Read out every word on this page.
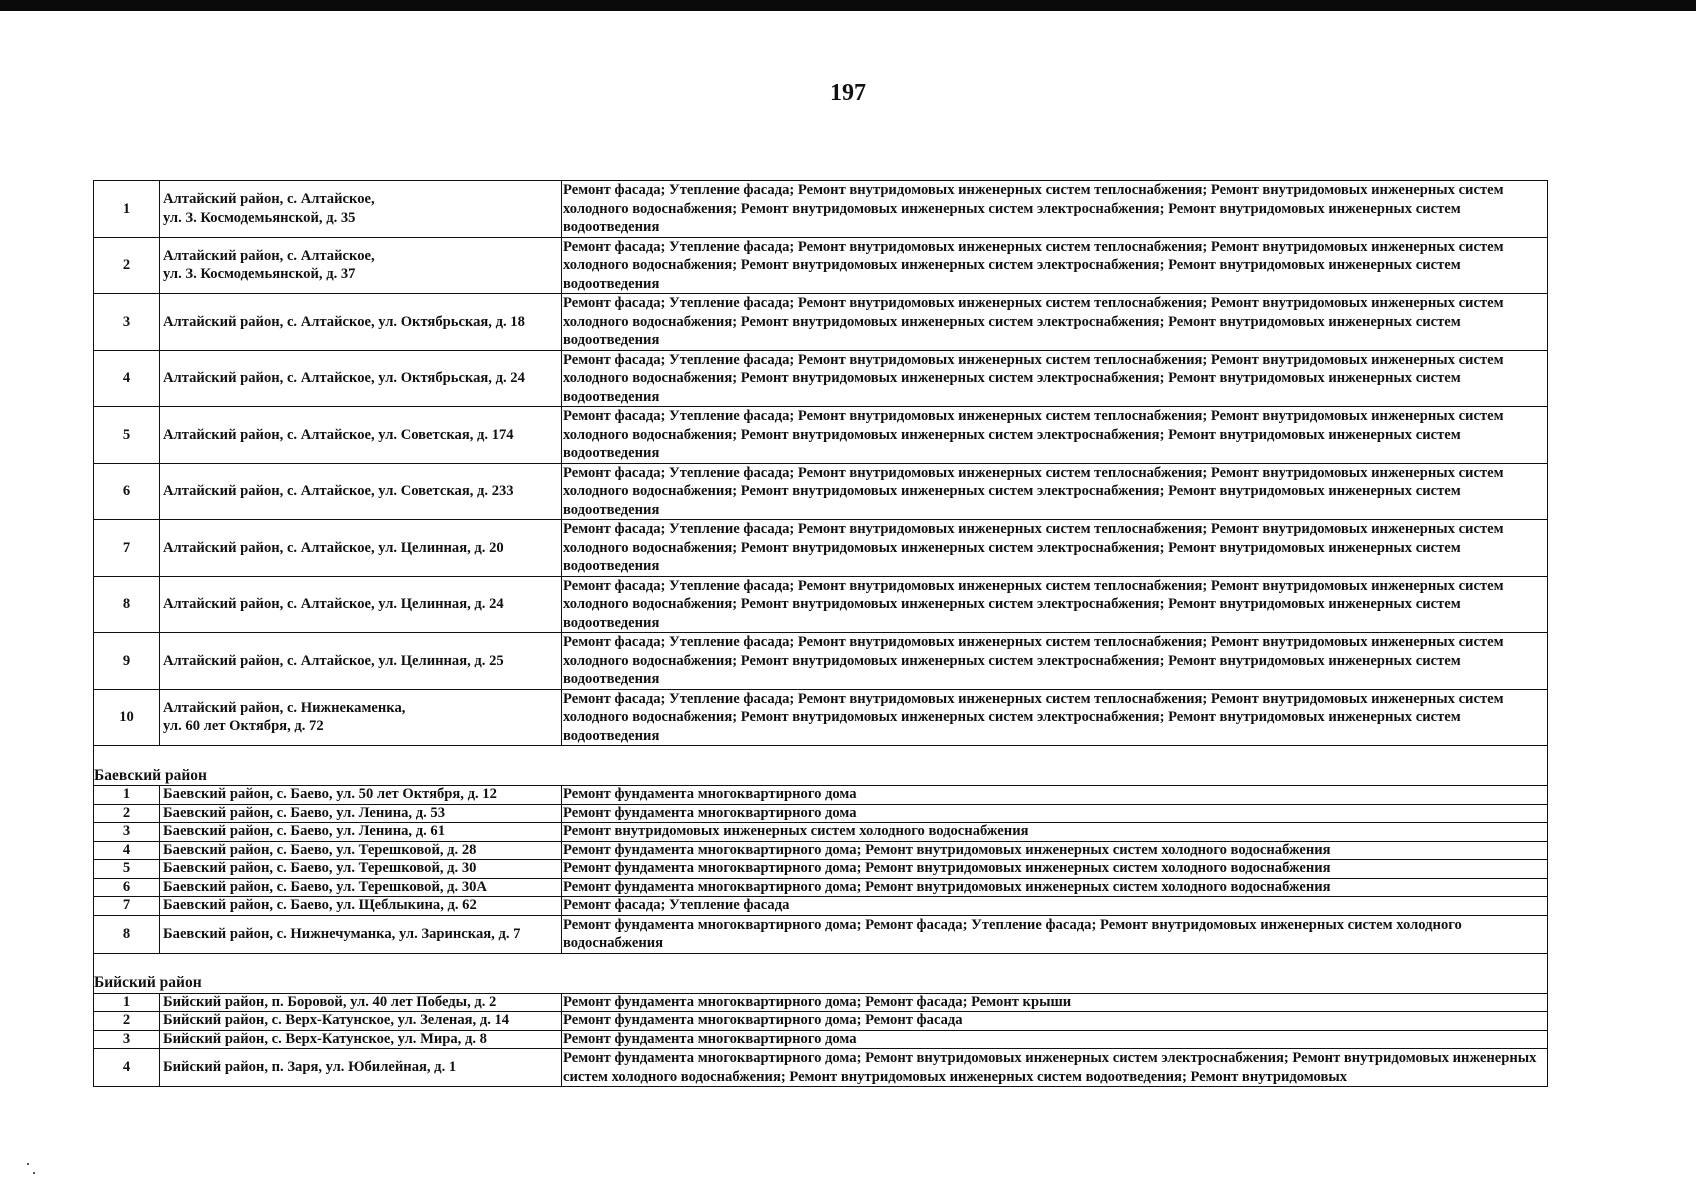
197
1	Алтайский район, с. Алтайское,
ул. З. Космодемьянской, д. 35	Ремонт фасада; Утепление фасада; Ремонт внутридомовых инженерных систем теплоснабжения; Ремонт внутридомовых инженерных систем холодного водоснабжения; Ремонт внутридомовых инженерных систем электроснабжения; Ремонт внутридомовых инженерных систем водоотведения
2	Алтайский район, с. Алтайское,
ул. З. Космодемьянской, д. 37	Ремонт фасада; Утепление фасада; Ремонт внутридомовых инженерных систем теплоснабжения; Ремонт внутридомовых инженерных систем холодного водоснабжения; Ремонт внутридомовых инженерных систем электроснабжения; Ремонт внутридомовых инженерных систем водоотведения
3	Алтайский район, с. Алтайское, ул. Октябрьская, д. 18	Ремонт фасада; Утепление фасада; Ремонт внутридомовых инженерных систем теплоснабжения; Ремонт внутридомовых инженерных систем холодного водоснабжения; Ремонт внутридомовых инженерных систем электроснабжения; Ремонт внутридомовых инженерных систем водоотведения
4	Алтайский район, с. Алтайское, ул. Октябрьская, д. 24	Ремонт фасада; Утепление фасада; Ремонт внутридомовых инженерных систем теплоснабжения; Ремонт внутридомовых инженерных систем холодного водоснабжения; Ремонт внутридомовых инженерных систем электроснабжения; Ремонт внутридомовых инженерных систем водоотведения
5	Алтайский район, с. Алтайское, ул. Советская, д. 174	Ремонт фасада; Утепление фасада; Ремонт внутридомовых инженерных систем теплоснабжения; Ремонт внутридомовых инженерных систем холодного водоснабжения; Ремонт внутридомовых инженерных систем электроснабжения; Ремонт внутридомовых инженерных систем водоотведения
6	Алтайский район, с. Алтайское, ул. Советская, д. 233	Ремонт фасада; Утепление фасада; Ремонт внутридомовых инженерных систем теплоснабжения; Ремонт внутридомовых инженерных систем холодного водоснабжения; Ремонт внутридомовых инженерных систем электроснабжения; Ремонт внутридомовых инженерных систем водоотведения
7	Алтайский район, с. Алтайское, ул. Целинная, д. 20	Ремонт фасада; Утепление фасада; Ремонт внутридомовых инженерных систем теплоснабжения; Ремонт внутридомовых инженерных систем холодного водоснабжения; Ремонт внутридомовых инженерных систем электроснабжения; Ремонт внутридомовых инженерных систем водоотведения
8	Алтайский район, с. Алтайское, ул. Целинная, д. 24	Ремонт фасада; Утепление фасада; Ремонт внутридомовых инженерных систем теплоснабжения; Ремонт внутридомовых инженерных систем холодного водоснабжения; Ремонт внутридомовых инженерных систем электроснабжения; Ремонт внутридомовых инженерных систем водоотведения
9	Алтайский район, с. Алтайское, ул. Целинная, д. 25	Ремонт фасада; Утепление фасада; Ремонт внутридомовых инженерных систем теплоснабжения; Ремонт внутридомовых инженерных систем холодного водоснабжения; Ремонт внутридомовых инженерных систем электроснабжения; Ремонт внутридомовых инженерных систем водоотведения
10	Алтайский район, с. Нижнекаменка,
ул. 60 лет Октября, д. 72	Ремонт фасада; Утепление фасада; Ремонт внутридомовых инженерных систем теплоснабжения; Ремонт внутридомовых инженерных систем холодного водоснабжения; Ремонт внутридомовых инженерных систем электроснабжения; Ремонт внутридомовых инженерных систем водоотведения

Баевский район		
1	Баевский район, с. Баево, ул. 50 лет Октября, д. 12	Ремонт фундамента многоквартирного дома
2	Баевский район, с. Баево, ул. Ленина, д. 53	Ремонт фундамента многоквартирного дома
3	Баевский район, с. Баево, ул. Ленина, д. 61	Ремонт внутридомовых инженерных систем холодного водоснабжения
4	Баевский район, с. Баево, ул. Терешковой, д. 28	Ремонт фундамента многоквартирного дома; Ремонт внутридомовых инженерных систем холодного водоснабжения
5	Баевский район, с. Баево, ул. Терешковой, д. 30	Ремонт фундамента многоквартирного дома; Ремонт внутридомовых инженерных систем холодного водоснабжения
6	Баевский район, с. Баево, ул. Терешковой, д. 30А	Ремонт фундамента многоквартирного дома; Ремонт внутридомовых инженерных систем холодного водоснабжения
7	Баевский район, с. Баево, ул. Щеблыкина, д. 62	Ремонт фасада; Утепление фасада
8	Баевский район, с. Нижнечуманка, ул. Заринская, д. 7	Ремонт фундамента многоквартирного дома; Ремонт фасада; Утепление фасада; Ремонт внутридомовых инженерных систем холодного водоснабжения

Бийский район		
1	Бийский район, п. Боровой, ул. 40 лет Победы, д. 2	Ремонт фундамента многоквартирного дома; Ремонт фасада; Ремонт крыши
2	Бийский район, с. Верх-Катунское, ул. Зеленая, д. 14	Ремонт фундамента многоквартирного дома; Ремонт фасада
3	Бийский район, с. Верх-Катунское, ул. Мира, д. 8	Ремонт фундамента многоквартирного дома
4	Бийский район, п. Заря, ул. Юбилейная, д. 1	Ремонт фундамента многоквартирного дома; Ремонт внутридомовых инженерных систем электроснабжения; Ремонт внутридомовых инженерных систем холодного водоснабжения; Ремонт внутридомовых инженерных систем водоотведения; Ремонт внутридомовых
